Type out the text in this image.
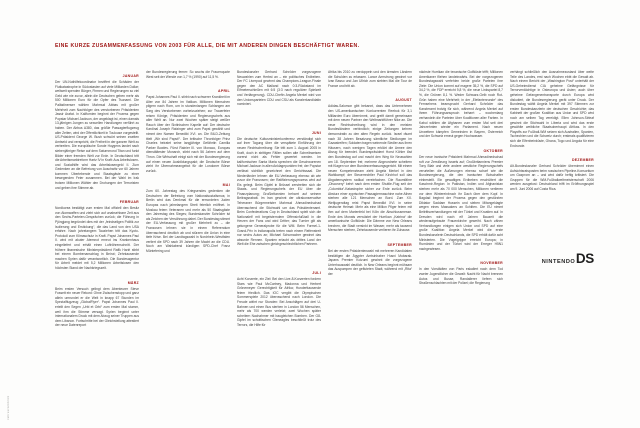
EINE KURZE ZUSAMMENFASSUNG VON 2003 FÜR ALLE, DIE MIT ANDEREN DINGEN BESCHÄFTIGT WAREN.
JANUAR

Der UN-Nothilfekoordinator beziffert die Schäden der Flutkatastrophe in Südostasien auf viele Milliarden Dollar; weltweit spenden Bürger, Firmen und Regierungen so viel Geld wie nie zuvor, allein die Deutschen geben mehr als 500 Millionen Euro für die Opfer des Tsunami. Die Palästinenser wählen Mahmud Abbas mit großer Mehrheit zum Nachfolger des verstorbenen Präsidenten Jassir Arafat. In Kalifornien beginnt der Prozess gegen Popstar Michael Jackson, der angeklagt ist, einen damals 13-jährigen Jungen zu sexuellen Handlungen verführt zu haben. Der Airbus A380, das größte Passagierflugzeug aller Zeiten, wird der Öffentlichkeit in Toulouse vorgestellt. US-Präsident George W. Bush schwört seinen zweiten Amtseid und verspricht, die Freiheit in der ganzen Welt zu verbreiten. Die europäische Sonde Huygens landet nach siebenjähriger Reise auf dem Saturnmond Titan und funkt Bilder einer fremden Welt zur Erde. In Deutschland tritt die Arbeitsmarktreform Hartz IV in Kraft: Aus Arbeitslosen- und Sozialhilfe wird das Arbeitslosengeld II. Zum Gedenken an die Befreiung von Auschwitz vor 60 Jahren kommen Überlebende und Staatsgäste zu einer bewegenden Feier zusammen. Bei der Wahl im Irak trotzen Millionen Wähler den Drohungen der Terroristen und geben ihre Stimme ab.

FEBRUAR

Nordkorea bestätigt zum ersten Mal offiziell den Besitz von Atomwaffen und zieht sich auf unabsehbare Zeit aus den Sechs-Parteien-Gesprächen zurück; die Führung in Pjöngjang begründet dies mit der „feindseligen Politik zur Isolierung und Erstickung“, die das Land von den USA erfahre. Nach jahrelangem Tauziehen tritt das Kyoto-Protokoll zum Klimaschutz in Kraft. Papst Johannes Paul II. wird mit akuter Atemnot erneut ins Krankenhaus eingeliefert und erhält einen Luftröhrenschnitt. Der frühere libanesische Ministerpräsident Rafik Hariri stirbt bei einem Bombenanschlag in Beirut; Zehntausende machen Syrien dafür verantwortlich. Die Bundesagentur für Arbeit meldet mit 5,2 Millionen Arbeitslosen den höchsten Stand der Nachkriegszeit.

MÄRZ

Beim ersten Versuch gelingt dem Abenteurer Steve Fossett ein neuer Rekord: Ohne Zwischenstopp und ganz allein umrundet er die Welt in knapp 67 Stunden im Spezialflugzeug „GlobalFlyer“. Papst Johannes Paul II. erteilt den Segen „Urbi et Orbi“ zum ersten Mal stumm, weil ihm die Stimme versagt. Syrien beginnt unter internationalem Druck mit dem Abzug seiner Truppen aus dem Libanon. Fortschritte bei der Gleichstellung attestiert der neue Datenreport

der Bundesregierung ferner: So wuchs die Frauenquote West seit der Wende von 1,7 % (1990) auf 11,5 %.

APRIL

Papst Johannes Paul II. stirbt nach schwerer Krankheit im Alter von 84 Jahren im Vatikan. Millionen Menschen pilgern nach Rom, um in stundenlangen Schlangen am Sarg des Verstorbenen vorbeizuziehen; zur Trauerfeier reisen Könige, Präsidenten und Regierungschefs aus aller Welt an. Nur zwei Wochen später steigt weißer Rauch über der Sixtinischen Kapelle auf: Der deutsche Kardinal Joseph Ratzinger wird zum Papst gewählt und nimmt den Namen Benedikt XVI. an. Die BILD-Zeitung titelt „Wir sind Papst!“. Der britische Thronfolger Prinz Charles heiratet seine langjährige Gefährtin Camilla Parker Bowles. Fürst Rainier III. von Monaco, Europas dienstältester Monarch, stirbt nach 56 Jahren auf dem Thron. Die Wirtschaft einigt sich mit der Bundesregierung auf einen neuen Ausbildungspakt; die Deutsche Börse zieht ihr Übernahmeangebot für die Londoner Börse zurück.

MAI

Zum 60. Jahrestag des Kriegsendes gedenken die Deutschen der Befreiung vom Nationalsozialismus; in Berlin wird das Denkmal für die ermordeten Juden Europas nach jahrelangem Streit feierlich eröffnet. In Moskau feiern Veteranen und mehr als 50 Staatsgäste den Jahrestag des Sieges; Bundeskanzler Schröder ist als Zeichen der Versöhnung dabei. Der Bundestag stimmt der EU-Verfassung mit großer Mehrheit zu – die Franzosen lehnen sie in einem Referendum überraschend deutlich ab und stürzen die Union in eine tiefe Krise. Bei der Landtagswahl in Nordrhein-Westfalen verliert die SPD nach 39 Jahren die Macht an die CDU. Noch am Wahlabend kündigen SPD-Chef Franz Müntefering und

Bundeskanzler Gerhard Schröder vorgezogene Neuwahlen zum Herbst an – ein politisches Erdbeben. Der FC Liverpool gewinnt das Champions-League-Finale gegen den AC Mailand nach 0:3-Rückstand im Elfmeterschießen mit 6:5 (3:3 nach regulärer Spielzeit und Verlängerung). CDU-Chefin Angela Merkel wird von den Unionsparteien CDU und CSU als Kanzlerkandidatin nominiert.

JUNI

Die deutsche Kultusministerkonferenz verständigt sich auf ihrer Tagung über die verspätete Einführung der neuen Rechtschreibung: Sie tritt zum 1. August 2005 in Kraft, doch in strittigen Fällen sollen alte Schreibweisen vorerst nicht als Fehler gewertet werden. Im kalifornischen Santa Maria sprechen die Geschworenen Michael Jackson in allen Anklagepunkten frei; der Popstar verlässt sichtlich gezeichnet den Gerichtssaal. Die Niederländer lehnen die EU-Verfassung ebenso ab wie zuvor die Franzosen; der Ratifizierungsprozess wird auf Eis gelegt. Beim Gipfel in Brüssel zerstreiten sich die Staats- und Regierungschefs der EU über die Finanzplanung; Großbritannien beharrt auf seinem Beitragsrabatt. Im Iran gewinnt der ultrakonservative Teheraner Bürgermeister Mahmud Ahmadinedschad überraschend die Stichwahl um das Präsidentenamt. Beim Confederations Cup in Deutschland spielt sich die Nationalelf mit begeisterndem Offensivfußball in die Herzen der Fans und wird Dritter; das Turnier gilt als gelungene Generalprobe für die WM. Beim Formel-1-Grand-Prix in Indianapolis treten nach einem Reifenstreit nur sechs Autos an; Michael Schumacher gewinnt das absurde Rennen. Spanien erlaubt als drittes Land der Welt die Ehe zwischen gleichgeschlechtlichen Partnern.

JULI

Acht Konzerte, ein Ziel: Bei den Live-8-Konzerten fordern Stars wie Paul McCartney, Madonna und Herbert Grönemeyer Gerechtigkeit für Afrika; Hunderttausende feiern friedlich. Das IOC vergibt die Olympischen Sommerspiele 2012 überraschend nach London. Die Freude währt nur Stunden: Bei Anschlägen auf drei U-Bahnen und einen Bus sterben in London 56 Menschen, mehr als 700 werden verletzt; zwei Wochen später scheitern Nachahmer mit baugleichen Bomben. Der G8-Gipfel im schottischen Gleneagles beschließt trotz des Terrors, die Hilfe für

Afrika bis 2010 zu verdoppeln und den ärmsten Ländern die Schulden zu erlassen. Lance Armstrong gewinnt vor Ivan Basso und Jan Ullrich zum siebten Mal die Tour de France und tritt ab.

AUGUST

Adidas-Salomon gibt bekannt, dass das Unternehmen den US-amerikanischen Konkurrenten Reebok für 3,1 Milliarden Euro übernimmt, und greift damit gemeinsam mit dem neuen Partner den Weltmarktführer Nike an. Die neue Rechtschreibung wird in den meisten Bundesländern verbindlich; einige Zeitungen kehren demonstrativ zu den alten Regeln zurück. Israel räumt nach 38 Jahren Besatzung sämtliche Siedlungen im Gazastreifen; Soldaten tragen weinende Siedler aus ihren Häusern, nach wenigen Tagen erklärt die Armee den Abzug für beendet. Bundespräsident Horst Köhler löst den Bundestag auf und macht den Weg für Neuwahlen am 18. September frei; mehrere Abgeordnete scheitern mit Klagen vor dem Bundesverfassungsgericht. Mit einem neuen Kompetenzteam zieht Angela Merkel in den Wahlkampf; der Steuerrechtler Paul Kirchhof soll das Abgabensystem radikal vereinfachen. Die Raumfähre „Discovery“ kehrt nach dem ersten Shuttle-Flug seit der „Columbia“-Katastrophe sicher zur Erde zurück. Beim Absturz einer zyprischen Passagiermaschine nahe Athen sterben alle 121 Menschen an Bord. Zum XX. Weltjugendtag reist Papst Benedikt XVI. in seine deutsche Heimat: Mehr als eine Million Pilger feiern mit ihm auf dem Marienfeld bei Köln die Abschlussmesse. Ende des Monats verwüstet der Hurrikan „Katrina“ die amerikanische Golfküste: Die Dämme von New Orleans brechen, die Stadt versinkt im Wasser, mehr als tausend Menschen sterben, Zehntausende verlieren ihr Zuhause.

SEPTEMBER

Bei der ersten Präsidentenwahl mit mehreren Kandidaten bestätigen die Ägypter Amtsinhaber Husni Mubarak. Japans Premier Koizumi gewinnt die vorgezogene Unterhauswahl deutlich. In New Orleans beginnt mühsam das Auspumpen der gefluteten Stadt, während mit „Rita“ der

nächste Hurrikan die texanische Golfküste trifft; Millionen Amerikaner fliehen landeinwärts. Bei der vorgezogenen Bundestagswahl verfehlen beide große Parteien ihre Ziele: Die Union kommt auf magere 35,2 %, die SPD auf 34,2 %, die FDP erreicht 9,8 %, die neue Linkspartei 8,7 %, die Grünen 8,1 %. Weder Schwarz-Gelb noch Rot-Grün haben eine Mehrheit; in der „Elefantenrunde“ des Fernsehens beansprucht Gerhard Schröder das Kanzleramt trotzig für sich, während Angela Merkel auf ihrem Führungsanspruch beharrt – wochenlang verhandeln die Parteien über Koalitionen aller Farben. In Kabul wählen die Afghanen zum ersten Mal seit drei Jahrzehnten wieder ein Parlament. Nach neuen Unwettern kämpfen Gemeinden in Bayern, Österreich und der Schweiz erneut gegen Hochwasser.

OKTOBER

Der neue iranische Präsident Mahmud Ahmadinedschad ruft zur Zerstörung Israels auf; Großbritanniens Premier Tony Blair und viele andere westliche Regierungschefs verurteilen die Äußerungen ebenso scharf wie die Bundesregierung, die den iranischen Botschafter einbestellt. Ein gewaltiges Erdbeben erschüttert die Kaschmir-Region: In Pakistan, Indien und Afghanistan sterben mehr als 70 000 Menschen, Millionen verlieren vor dem Wintereinbruch ihr Dach über dem Kopf. In Bagdad beginnt der Prozess gegen den gestürzten Diktator Saddam Hussein und sieben Mitangeklagte wegen eines Massakers an Schiiten. Die EU nimmt Beitrittsverhandlungen mit der Türkei und Kroatien auf. In Dresden wird nach elf Jahren Bauzeit die wiederaufgebaute Frauenkirche geweiht. Nach zähen Verhandlungen einigen sich Union und SPD auf eine große Koalition: Angela Merkel wird die erste Bundeskanzlerin Deutschlands, die SPD erhält dafür acht Ministerien. Die Vogelgrippe erreicht Europa; in Rumänien und der Türkei wird der Erreger H5N1 nachgewiesen.

NOVEMBER

In den Vorstädten von Paris eskaliert nach dem Tod zweier Jugendlicher die Gewalt: Nacht für Nacht brennen Autos und Busse, Randalierer liefern sich Straßenschlachten mit der Polizei; die Regierung

verhängt schließlich den Ausnahmezustand über weite Teile des Landes, erst nach Wochen ebbt die Gewalt ab. Nach einem Bericht der „Washington Post“ unterhält der US-Geheimdienst CIA geheime Gefängnisse für Terrorverdächtige in Osteuropa und Asien; auch über geheime Gefangenentransporte durch Europa wird diskutiert, die Bundesregierung gerät unter Druck. Der Bundestag wählt Angela Merkel mit 397 Stimmen zur ersten Bundeskanzlerin der deutschen Geschichte; das Kabinett der großen Koalition aus Union und SPD wird noch am selben Tag vereidigt. Ellen Johnson-Sirleaf gewinnt die Stichwahl in Liberia und wird das erste gewählte weibliche Staatsoberhaupt Afrikas. In den Playoffs zur Fußball-WM setzen sich Australien, Spanien, Tschechien und die Schweiz durch; erstmals qualifizieren sich die Elfenbeinküste, Ghana, Togo und Angola für eine Endrunde.

DEZEMBER

Alt-Bundeskanzler Gerhard Schröder übernimmt einen Aufsichtsratsposten beim russischen Pipeline-Konsortium um Gazprom an – und wird dafür heftig kritisiert. Die Gruppen für die WM-Fußballweltmeisterschaft 2006 werden ausgelost: Deutschland trifft im Eröffnungsspiel am 9. Juni 2006 auf Costa Rica.

NINTENDODS
Jahresrückblick
